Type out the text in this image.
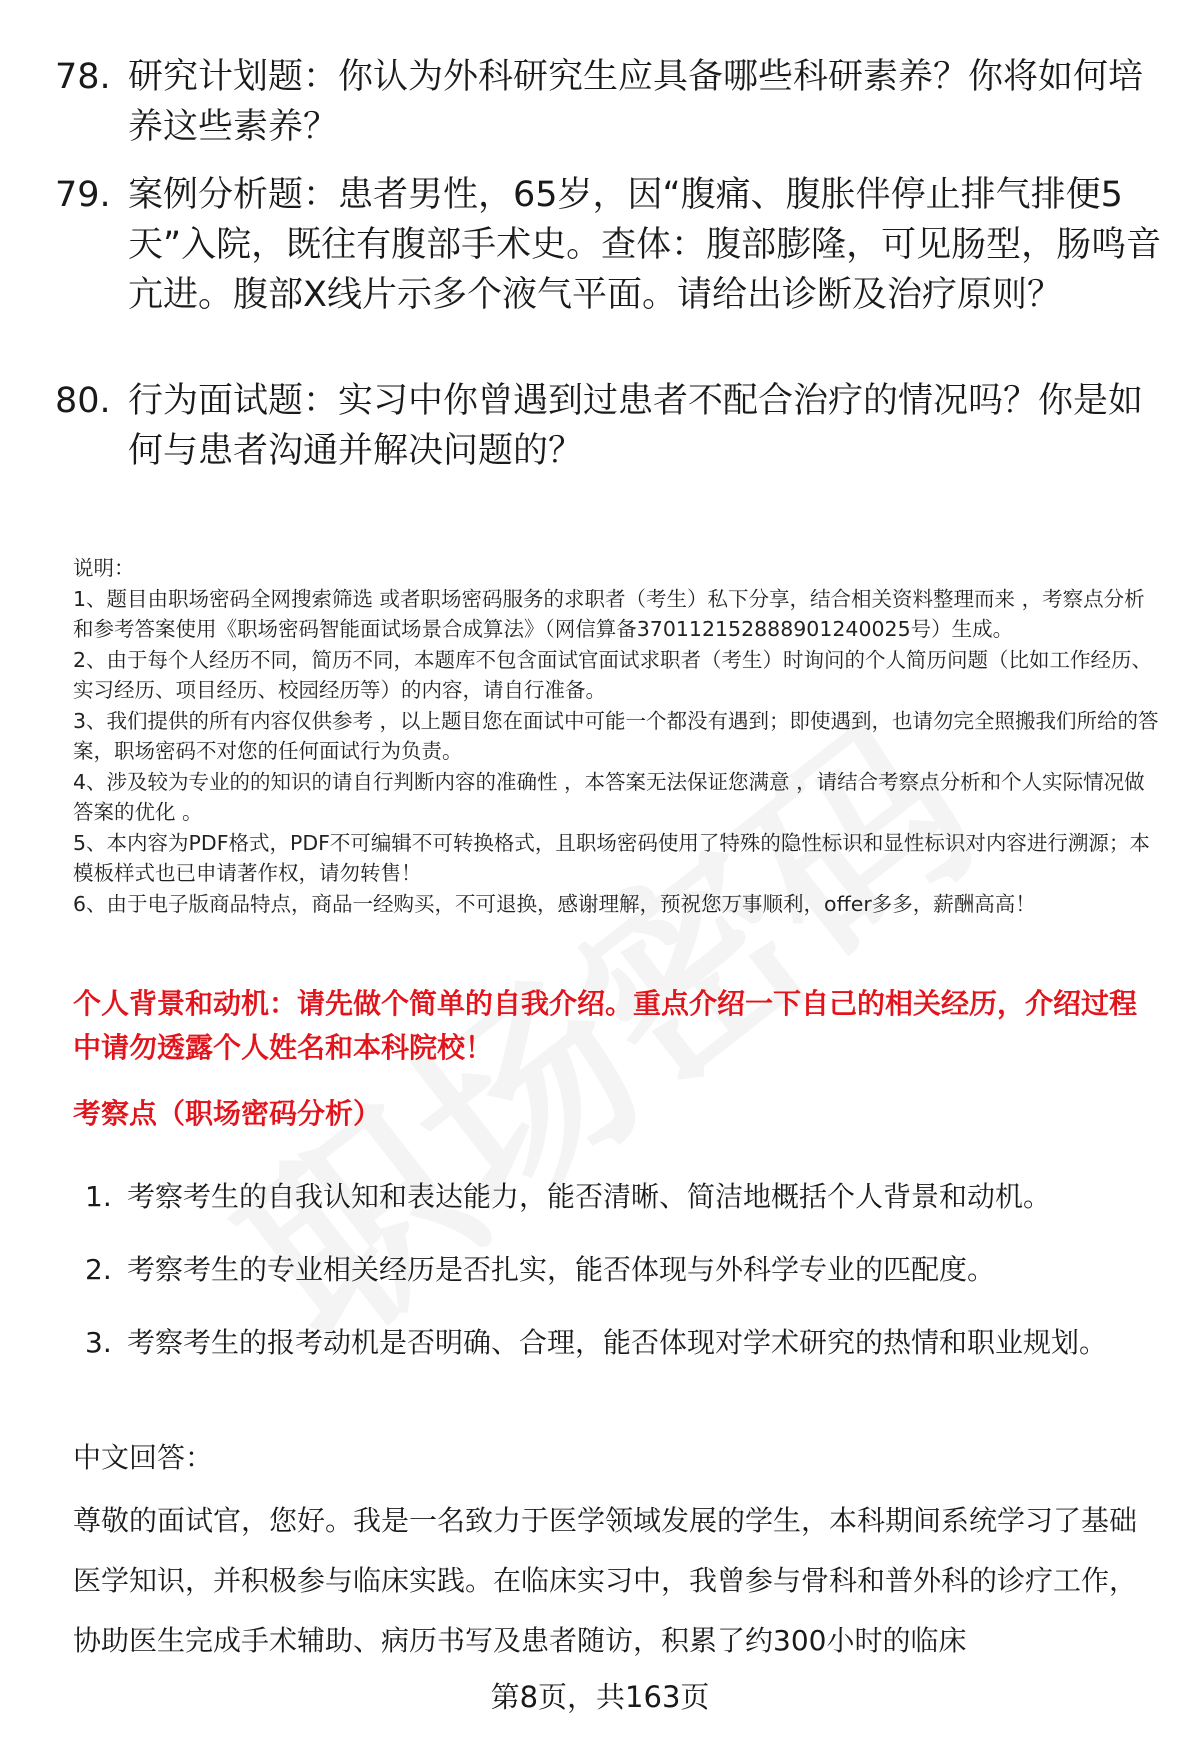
78. 研究计划题：你认为外科研究生应具备哪些科研素养？你将如何培养这些素养？
79. 案例分析题：患者男性，65岁，因“腹痛、腹胀伴停止排气排便5天”入院，既往有腹部手术史。查体：腹部膨隆，可见肠型，肠鸣音亢进。腹部X线片示多个液气平面。请给出诊断及治疗原则？
80. 行为面试题：实习中你曾遇到过患者不配合治疗的情况吗？你是如何与患者沟通并解决问题的？

说明：

1、题目由职场密码全网搜索筛选 或者职场密码服务的求职者（考生）私下分享，结合相关资料整理而来 ，考察点分析和参考答案使用《职场密码智能面试场景合成算法》（网信算备370112152888901240025号）生成。

2、由于每个人经历不同，简历不同，本题库不包含面试官面试求职者（考生）时询问的个人简历问题（比如工作经历、实习经历、项目经历、校园经历等）的内容，请自行准备。

3、我们提供的所有内容仅供参考 ，以上题目您在面试中可能一个都没有遇到；即使遇到，也请勿完全照搬我们所给的答案，职场密码不对您的任何面试行为负责。

4、涉及较为专业的的知识的请自行判断内容的准确性 ，本答案无法保证您满意 ，请结合考察点分析和个人实际情况做答案的优化 。

5、本内容为PDF格式，PDF不可编辑不可转换格式，且职场密码使用了特殊的隐性标识和显性标识对内容进行溯源；本模板样式也已申请著作权，请勿转售！

6、由于电子版商品特点，商品一经购买，不可退换，感谢理解，预祝您万事顺利，offer多多，薪酬高高！

个人背景和动机：请先做个简单的自我介绍。重点介绍一下自己的相关经历，介绍过程中请勿透露个人姓名和本科院校！
考察点（职场密码分析）
1. 考察考生的自我认知和表达能力，能否清晰、简洁地概括个人背景和动机。
2. 考察考生的专业相关经历是否扎实，能否体现与外科学专业的匹配度。
3. 考察考生的报考动机是否明确、合理，能否体现对学术研究的热情和职业规划。
中文回答：
尊敬的面试官，您好。我是一名致力于医学领域发展的学生，本科期间系统学习了基础医学知识，并积极参与临床实践。在临床实习中，我曾参与骨科和普外科的诊疗工作，协助医生完成手术辅助、病历书写及患者随访，积累了约300小时的临床
第8页，共163页
